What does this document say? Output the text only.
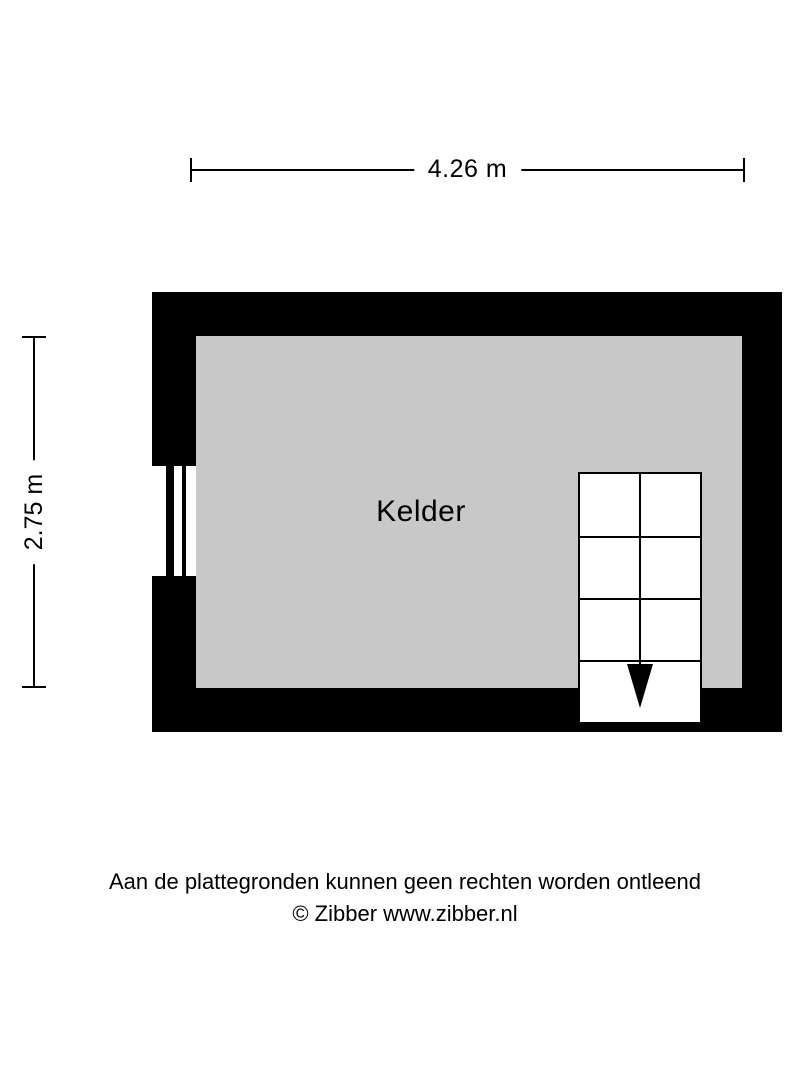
4.26 m
2.75 m	Kelder
Aan de plattegronden kunnen geen rechten worden ontleend
© Zibber www.zibber.nl
